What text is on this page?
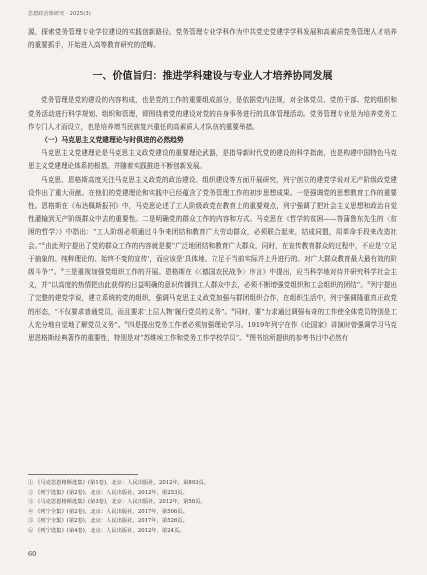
思想政治课研究 · 2025(3)

源，探索党务管理专业学位建设的实践创新路径。党务管理专业学科作为中共党史党建学学科发展和高素质党务管理人才培养的重要抓手，开始进入高等教育研究的范畴。

一、价值旨归：推进学科建设与专业人才培养协同发展

党务管理是党的建设的内容构成，也是党的工作的重要组成部分，是依据党内法规，对全体党员、党的干部、党的组织和党务活动进行科学规划、组织和管理，即围绕着党的建设对党的自身事务进行的具体管理活动。党务管理专业是为培养党务工作专门人才而设立，也是培养增当民族复兴重任的高素质人才队伍的重要举措。

（一）马克思主义党建理论与时俱进的必然趋势

马克思主义党建理论是马克思主义政党建设的重要理论武器，是指导新时代党的建设的科学指南，也是构建中国特色马克思主义党建理论体系的根基，并随着实践推进不断创新发展。

马克思、恩格斯高度关注马克思主义政党的政治建设、组织建设等方面开展研究，列宁创立的建党学说对无产阶级政党建设作出了重大贡献。在他们的党建理论和实践中已经蕴含了党务管理工作的初步思想成果。一是强调党的思想教育工作的重要性。恩格斯在《布达佩斯报刊》中，马克思论述了工人阶级政党在教育上的重要观点，列宁强调了把社会主义思想和政治自觉性灌输到无产阶级群众中去的重要性。二是明确党的群众工作的内容和方式。马克思在《哲学的贫困——答蒲鲁东先生的〈贫困的哲学〉》中指出：“工人阶级必须通过斗争来团结和教育广大劳动群众，必须联合起来，结成同盟，用革命手段来改造社会。”①由此列宁提出了党的群众工作的内容就是要“广泛地团结和教育广大群众，同时，在宣传教育群众的过程中，不应是‘立足于抽象的、纯粹理论的、始终不变的宣传’，而应该是‘具体地、立足于当前实际并上升进行的、对广大群众教育最大最有效的阶级斗争’”。②三是重视加强党组织工作的开展。恩格斯在《〈德国农民战争〉序言》中提出，应当科学地对待并研究科学社会主义，并“以高度的热情把由此获得的日益明确的意识传播到工人群众中去，必须不断增强党组织和工会组织的团结”。③列宁提出了完整的建党学说，建立系统的党的组织，强调马克思主义政党加强与群团组织合作，在组织生活中，列宁强调隆重真正政党的形态，“不仅要求普通党员，而且要求‘上层人物’履行党员的义务”。④同时，要“力求通过调强布奇的工作使全体党员特别是工人充分地自觉地了解党员义务”。⑤四是提出党务工作者必须加强理论学习。1919年列宁在作《论国家》讲演时曾强调学习马克思恩格斯经典著作的重要性，特别是对“苏维埃工作和党务工作学校学员”。⑥图书馆所提供的参考书目中必然有

① 《马克思恩格斯选集》(第1卷)，北京：人民出版社，2012年，第893页。
② 《列宁选集》(第2卷)，北京：人民出版社，2012年，第253页。
③ 《马克思恩格斯选集》(第3卷)，北京：人民出版社，2012年，第58页。
④ 《列宁全集》(第2卷)，北京：人民出版社，2017年，第506页。
⑤ 《列宁全集》(第2卷)，北京：人民出版社，2017年，第526页。
⑥ 《列宁选集》(第4卷)，北京：人民出版社，2012年，第24页。
60
